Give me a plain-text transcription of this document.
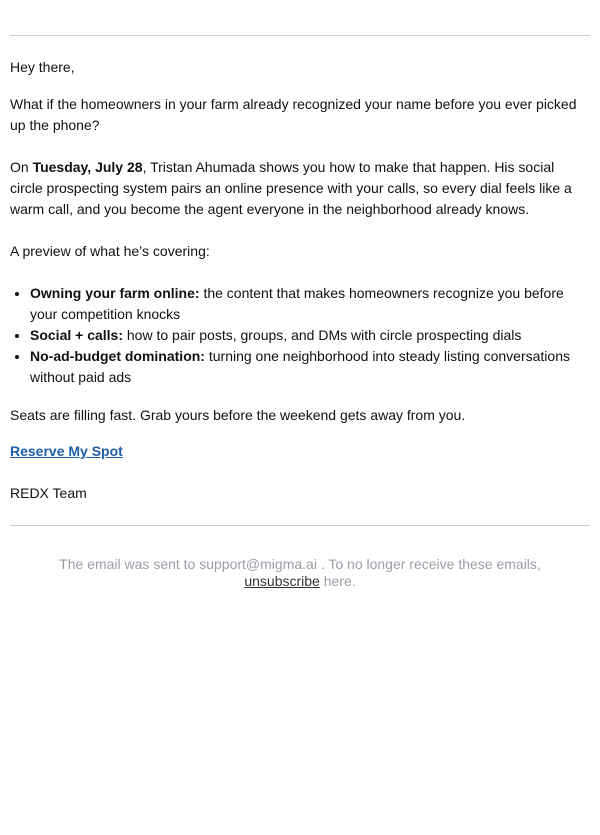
Hey there,

What if the homeowners in your farm already recognized your name before you ever picked up the phone?

On Tuesday, July 28, Tristan Ahumada shows you how to make that happen. His social circle prospecting system pairs an online presence with your calls, so every dial feels like a warm call, and you become the agent everyone in the neighborhood already knows.

A preview of what he’s covering:

• Owning your farm online: the content that makes homeowners recognize you before your competition knocks
• Social + calls: how to pair posts, groups, and DMs with circle prospecting dials
• No-ad-budget domination: turning one neighborhood into steady listing conversations without paid ads

Seats are filling fast. Grab yours before the weekend gets away from you.

Reserve My Spot

REDX Team

The email was sent to support@migma.ai . To no longer receive these emails,
unsubscribe here.
